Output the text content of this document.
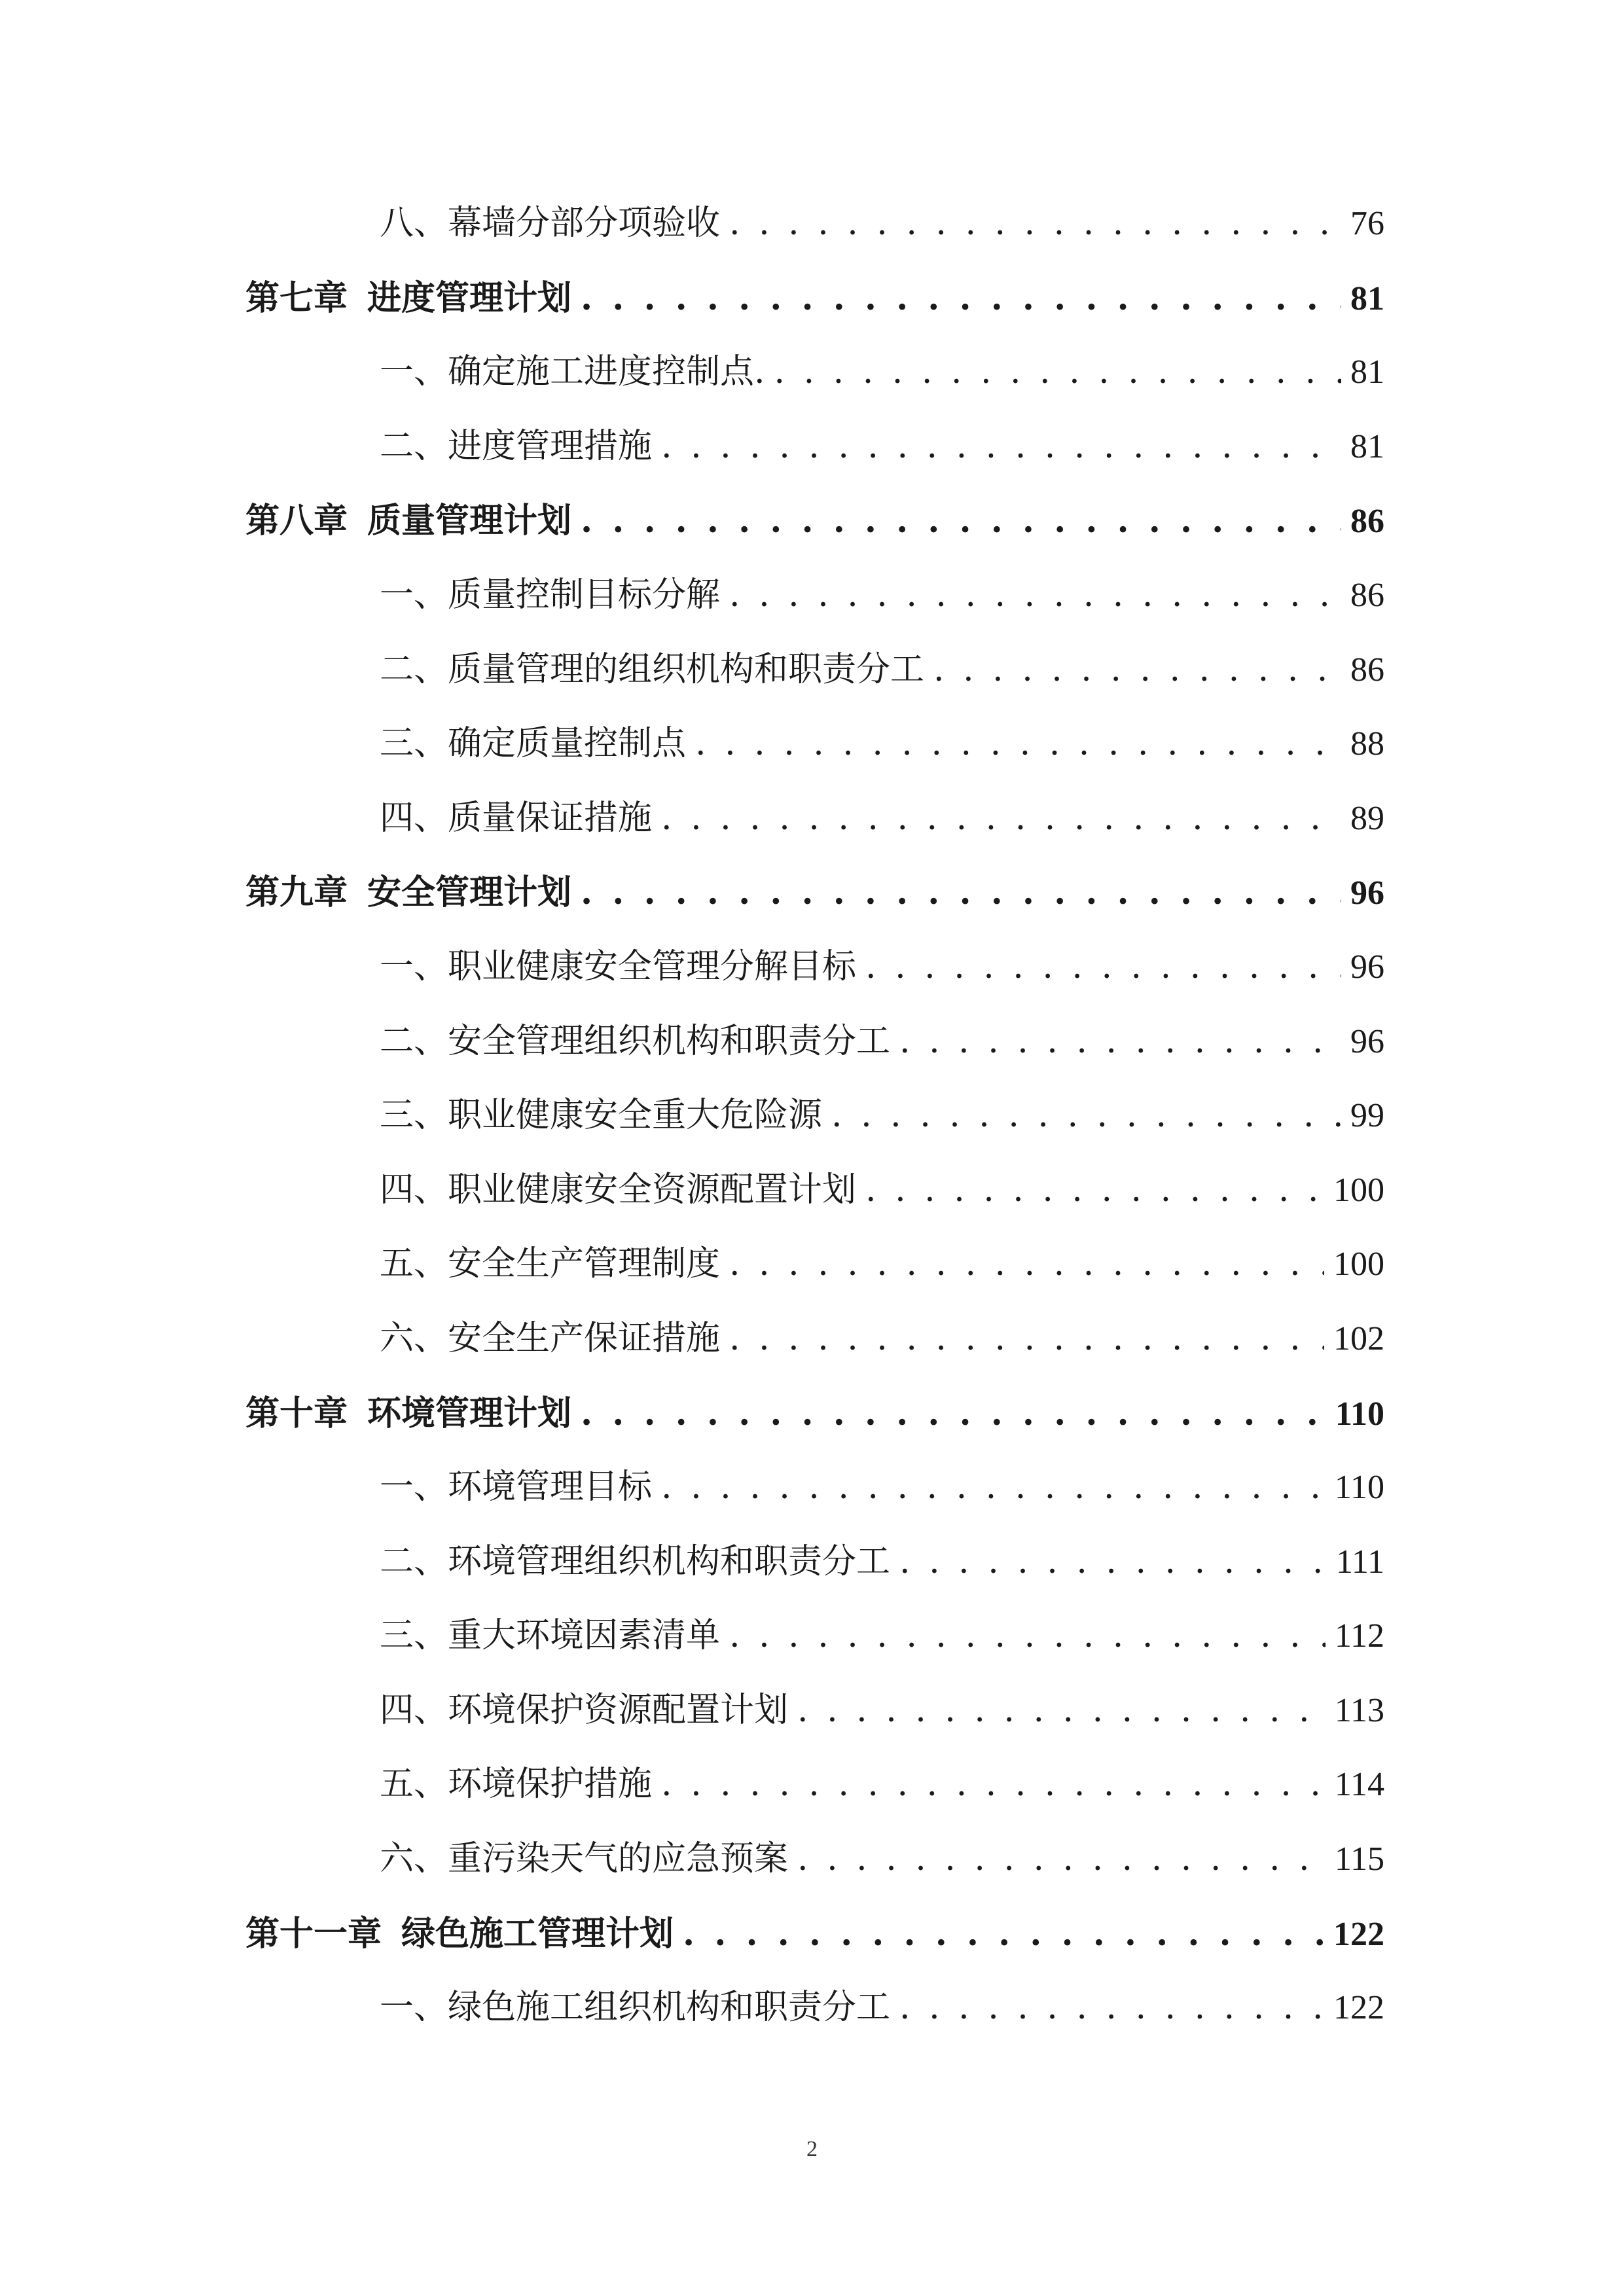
八、幕墙分部分项验收 . . .	76
第七章 进度管理计划 . . .	81
一、确定施工进度控制点. . . .	81
二、进度管理措施 . . .	81
第八章 质量管理计划 . . .	86
一、质量控制目标分解 . . .	86
二、质量管理的组织机构和职责分工 . . .	86
三、确定质量控制点 . . .	88
四、质量保证措施 . . .	89
第九章 安全管理计划 . . .	96
一、职业健康安全管理分解目标 . . .	96
二、安全管理组织机构和职责分工 . . .	96
三、职业健康安全重大危险源 . . .	99
四、职业健康安全资源配置计划 . . .	100
五、安全生产管理制度 . . .	100
六、安全生产保证措施 . . .	102
第十章 环境管理计划 . . .	110
一、环境管理目标 . . .	110
二、环境管理组织机构和职责分工 . . .	111
三、重大环境因素清单 . . .	112
四、环境保护资源配置计划 . . .	113
五、环境保护措施 . . .	114
六、重污染天气的应急预案 . . .	115
第十一章 绿色施工管理计划 . . .	122
一、绿色施工组织机构和职责分工 . . .	122
2
